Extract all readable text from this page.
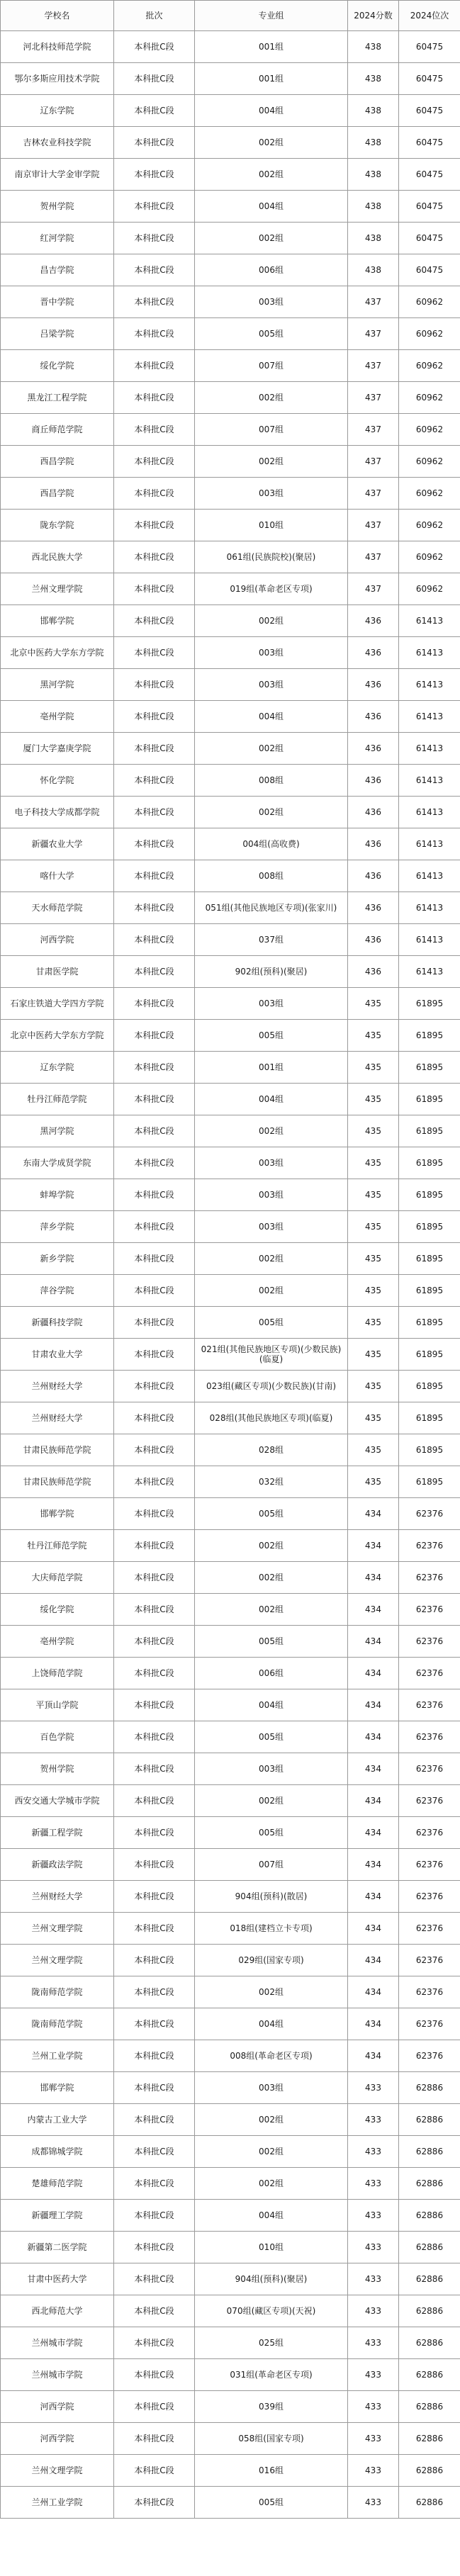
学校名	批次	专业组	2024分数	2024位次
河北科技师范学院	本科批C段	001组	438	60475
鄂尔多斯应用技术学院	本科批C段	001组	438	60475
辽东学院	本科批C段	004组	438	60475
吉林农业科技学院	本科批C段	002组	438	60475
南京审计大学金审学院	本科批C段	002组	438	60475
贺州学院	本科批C段	004组	438	60475
红河学院	本科批C段	002组	438	60475
昌吉学院	本科批C段	006组	438	60475
晋中学院	本科批C段	003组	437	60962
吕梁学院	本科批C段	005组	437	60962
绥化学院	本科批C段	007组	437	60962
黑龙江工程学院	本科批C段	002组	437	60962
商丘师范学院	本科批C段	007组	437	60962
西昌学院	本科批C段	002组	437	60962
西昌学院	本科批C段	003组	437	60962
陇东学院	本科批C段	010组	437	60962
西北民族大学	本科批C段	061组(民族院校)(聚居)	437	60962
兰州文理学院	本科批C段	019组(革命老区专项)	437	60962
邯郸学院	本科批C段	002组	436	61413
北京中医药大学东方学院	本科批C段	003组	436	61413
黑河学院	本科批C段	003组	436	61413
亳州学院	本科批C段	004组	436	61413
厦门大学嘉庚学院	本科批C段	002组	436	61413
怀化学院	本科批C段	008组	436	61413
电子科技大学成都学院	本科批C段	002组	436	61413
新疆农业大学	本科批C段	004组(高收费)	436	61413
喀什大学	本科批C段	008组	436	61413
天水师范学院	本科批C段	051组(其他民族地区专项)(张家川)	436	61413
河西学院	本科批C段	037组	436	61413
甘肃医学院	本科批C段	902组(预科)(聚居)	436	61413
石家庄铁道大学四方学院	本科批C段	003组	435	61895
北京中医药大学东方学院	本科批C段	005组	435	61895
辽东学院	本科批C段	001组	435	61895
牡丹江师范学院	本科批C段	004组	435	61895
黑河学院	本科批C段	002组	435	61895
东南大学成贤学院	本科批C段	003组	435	61895
蚌埠学院	本科批C段	003组	435	61895
萍乡学院	本科批C段	003组	435	61895
新乡学院	本科批C段	002组	435	61895
萍谷学院	本科批C段	002组	435	61895
新疆科技学院	本科批C段	005组	435	61895
甘肃农业大学	本科批C段	021组(其他民族地区专项)(少数民族)(临夏)	435	61895
兰州财经大学	本科批C段	023组(藏区专项)(少数民族)(甘南)	435	61895
兰州财经大学	本科批C段	028组(其他民族地区专项)(临夏)	435	61895
甘肃民族师范学院	本科批C段	028组	435	61895
甘肃民族师范学院	本科批C段	032组	435	61895
邯郸学院	本科批C段	005组	434	62376
牡丹江师范学院	本科批C段	002组	434	62376
大庆师范学院	本科批C段	002组	434	62376
绥化学院	本科批C段	002组	434	62376
亳州学院	本科批C段	005组	434	62376
上饶师范学院	本科批C段	006组	434	62376
平顶山学院	本科批C段	004组	434	62376
百色学院	本科批C段	005组	434	62376
贺州学院	本科批C段	003组	434	62376
西安交通大学城市学院	本科批C段	002组	434	62376
新疆工程学院	本科批C段	005组	434	62376
新疆政法学院	本科批C段	007组	434	62376
兰州财经大学	本科批C段	904组(预科)(散居)	434	62376
兰州文理学院	本科批C段	018组(建档立卡专项)	434	62376
兰州文理学院	本科批C段	029组(国家专项)	434	62376
陇南师范学院	本科批C段	002组	434	62376
陇南师范学院	本科批C段	004组	434	62376
兰州工业学院	本科批C段	008组(革命老区专项)	434	62376
邯郸学院	本科批C段	003组	433	62886
内蒙古工业大学	本科批C段	002组	433	62886
成都锦城学院	本科批C段	002组	433	62886
楚雄师范学院	本科批C段	002组	433	62886
新疆理工学院	本科批C段	004组	433	62886
新疆第二医学院	本科批C段	010组	433	62886
甘肃中医药大学	本科批C段	904组(预科)(聚居)	433	62886
西北师范大学	本科批C段	070组(藏区专项)(天祝)	433	62886
兰州城市学院	本科批C段	025组	433	62886
兰州城市学院	本科批C段	031组(革命老区专项)	433	62886
河西学院	本科批C段	039组	433	62886
河西学院	本科批C段	058组(国家专项)	433	62886
兰州文理学院	本科批C段	016组	433	62886
兰州工业学院	本科批C段	005组	433	62886
